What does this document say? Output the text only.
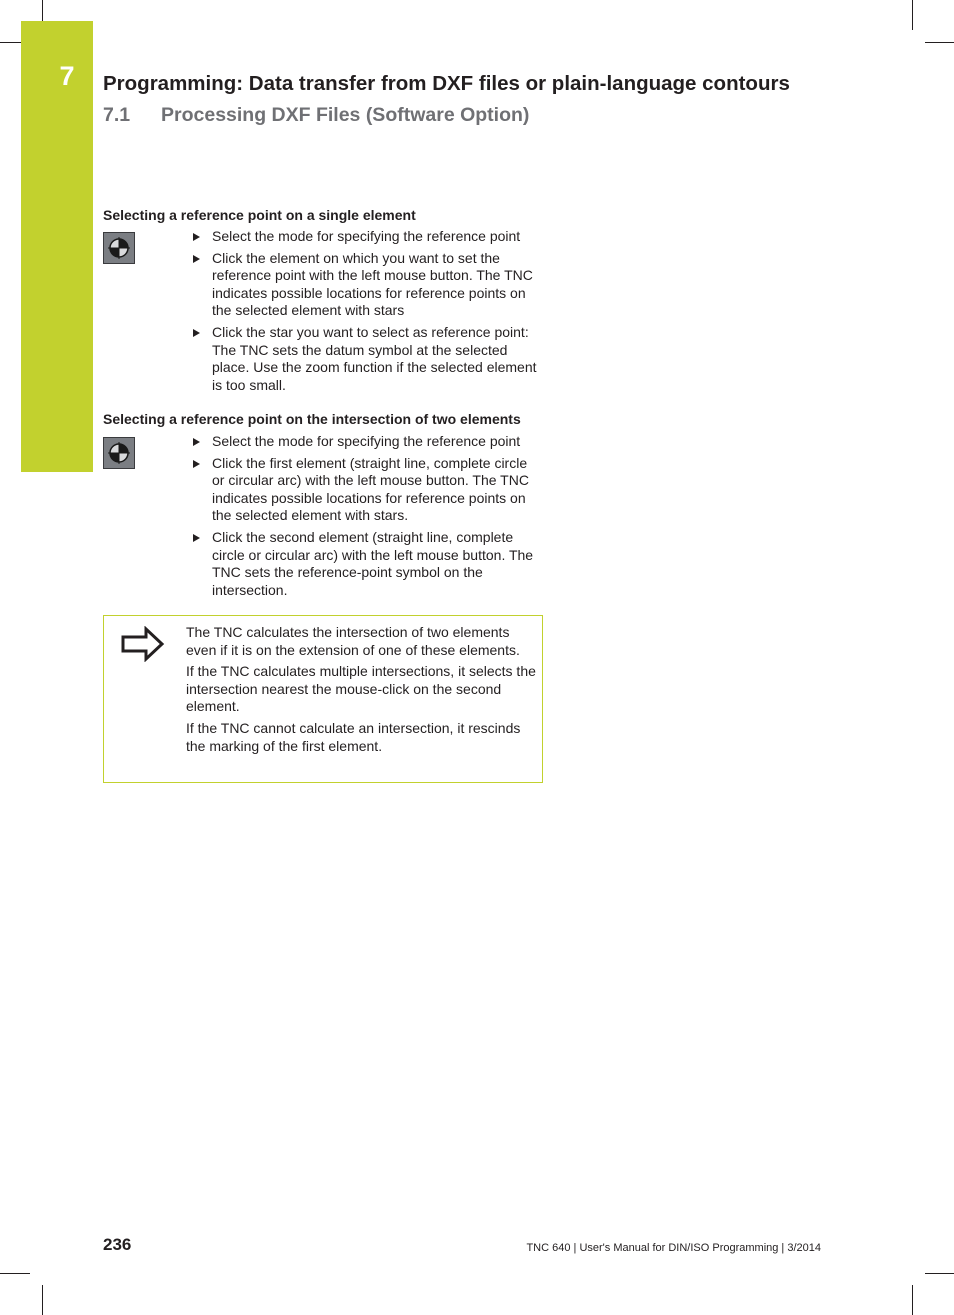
7	Programming: Data transfer from DXF files or plain-language contours
7.1 Processing DXF Files (Software Option)
Selecting a reference point on a single element
Select the mode for specifying the reference point
Click the element on which you want to set the reference point with the left mouse button. The TNC indicates possible locations for reference points on the selected element with stars
Click the star you want to select as reference point: The TNC sets the datum symbol at the selected place. Use the zoom function if the selected element is too small.
Selecting a reference point on the intersection of two elements
Select the mode for specifying the reference point
Click the first element (straight line, complete circle or circular arc) with the left mouse button. The TNC indicates possible locations for reference points on the selected element with stars.
Click the second element (straight line, complete circle or circular arc) with the left mouse button. The TNC sets the reference-point symbol on the intersection.

The TNC calculates the intersection of two elements even if it is on the extension of one of these elements.

If the TNC calculates multiple intersections, it selects the intersection nearest the mouse-click on the second element.

If the TNC cannot calculate an intersection, it rescinds the marking of the first element.

236	TNC 640 | User's Manual for DIN/ISO Programming | 3/2014
